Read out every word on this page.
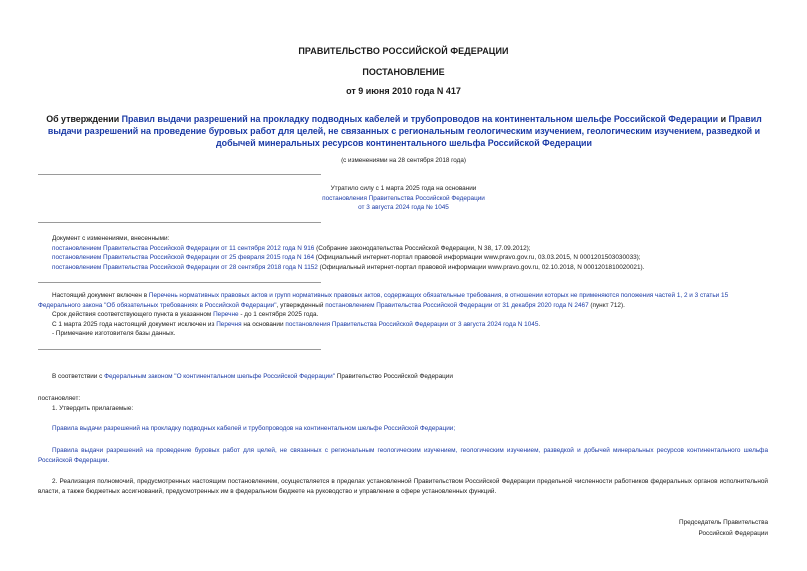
ПРАВИТЕЛЬСТВО РОССИЙСКОЙ ФЕДЕРАЦИИ
ПОСТАНОВЛЕНИЕ
от 9 июня 2010 года N 417
Об утверждении Правил выдачи разрешений на прокладку подводных кабелей и трубопроводов на континентальном шельфе Российской Федерации и Правил выдачи разрешений на проведение буровых работ для целей, не связанных с региональным геологическим изучением, геологическим изучением, разведкой и добычей минеральных ресурсов континентального шельфа Российской Федерации
(с изменениями на 28 сентября 2018 года)
Утратило силу с 1 марта 2025 года на основании
постановления Правительства Российской Федерации
от 3 августа 2024 года № 1045
Документ с изменениями, внесенными:
постановлением Правительства Российской Федерации от 11 сентября 2012 года N 916 (Собрание законодательства Российской Федерации, N 38, 17.09.2012);
постановлением Правительства Российской Федерации от 25 февраля 2015 года N 164 (Официальный интернет-портал правовой информации www.pravo.gov.ru, 03.03.2015, N 0001201503030033);
постановлением Правительства Российской Федерации от 28 сентября 2018 года N 1152 (Официальный интернет-портал правовой информации www.pravo.gov.ru, 02.10.2018, N 0001201810020021).
Настоящий документ включен в Перечень нормативных правовых актов и групп нормативных правовых актов, содержащих обязательные требования, в отношении которых не применяются положения частей 1, 2 и 3 статьи 15 Федерального закона "Об обязательных требованиях в Российской Федерации", утвержденный постановлением Правительства Российской Федерации от 31 декабря 2020 года N 2467 (пункт 712).
Срок действия соответствующего пункта в указанном Перечне - до 1 сентября 2025 года.
С 1 марта 2025 года настоящий документ исключен из Перечня на основании постановления Правительства Российской Федерации от 3 августа 2024 года N 1045.
- Примечание изготовителя базы данных.
В соответствии с Федеральным законом "О континентальном шельфе Российской Федерации" Правительство Российской Федерации
постановляет:
1. Утвердить прилагаемые:
Правила выдачи разрешений на прокладку подводных кабелей и трубопроводов на континентальном шельфе Российской Федерации;
Правила выдачи разрешений на проведение буровых работ для целей, не связанных с региональным геологическим изучением, геологическим изучением, разведкой и добычей минеральных ресурсов континентального шельфа Российской Федерации.
2. Реализация полномочий, предусмотренных настоящим постановлением, осуществляется в пределах установленной Правительством Российской Федерации предельной численности работников федеральных органов исполнительной власти, а также бюджетных ассигнований, предусмотренных им в федеральном бюджете на руководство и управление в сфере установленных функций.
Председатель Правительства
Российской Федерации
